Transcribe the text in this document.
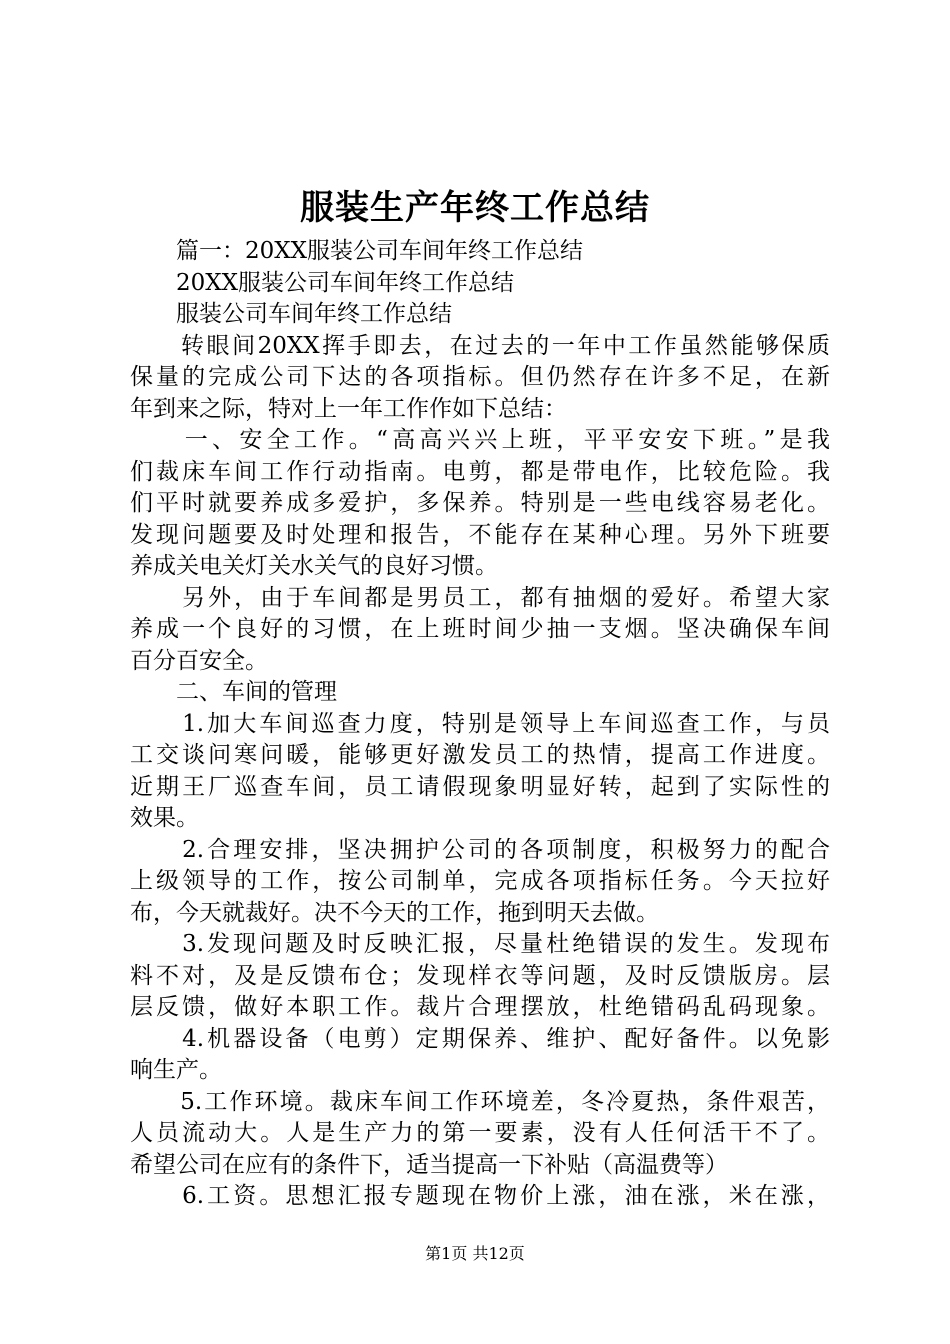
服装生产年终工作总结
　　篇一：20XX服装公司车间年终工作总结
　　20XX服装公司车间年终工作总结
　　服装公司车间年终工作总结
　　转眼间20XX挥手即去，在过去的一年中工作虽然能够保质
保量的完成公司下达的各项指标。但仍然存在许多不足，在新
年到来之际，特对上一年工作作如下总结：
　　一、安全工作。“高高兴兴上班，平平安安下班。”是我
们裁床车间工作行动指南。电剪，都是带电作，比较危险。我
们平时就要养成多爱护，多保养。特别是一些电线容易老化。
发现问题要及时处理和报告，不能存在某种心理。另外下班要
养成关电关灯关水关气的良好习惯。
　　另外，由于车间都是男员工，都有抽烟的爱好。希望大家
养成一个良好的习惯，在上班时间少抽一支烟。坚决确保车间
百分百安全。
　　二、车间的管理
　　1.加大车间巡查力度，特别是领导上车间巡查工作，与员
工交谈问寒问暖，能够更好激发员工的热情，提高工作进度。
近期王厂巡查车间，员工请假现象明显好转，起到了实际性的
效果。
　　2.合理安排，坚决拥护公司的各项制度，积极努力的配合
上级领导的工作，按公司制单，完成各项指标任务。今天拉好
布，今天就裁好。决不今天的工作，拖到明天去做。
　　3.发现问题及时反映汇报，尽量杜绝错误的发生。发现布
料不对，及是反馈布仓；发现样衣等问题，及时反馈版房。层
层反馈，做好本职工作。裁片合理摆放，杜绝错码乱码现象。
　　4.机器设备（电剪）定期保养、维护、配好备件。以免影
响生产。
　　5.工作环境。裁床车间工作环境差，冬冷夏热，条件艰苦，
人员流动大。人是生产力的第一要素，没有人任何活干不了。
希望公司在应有的条件下，适当提高一下补贴（高温费等）
　　6.工资。思想汇报专题现在物价上涨，油在涨，米在涨，
第1页 共12页
